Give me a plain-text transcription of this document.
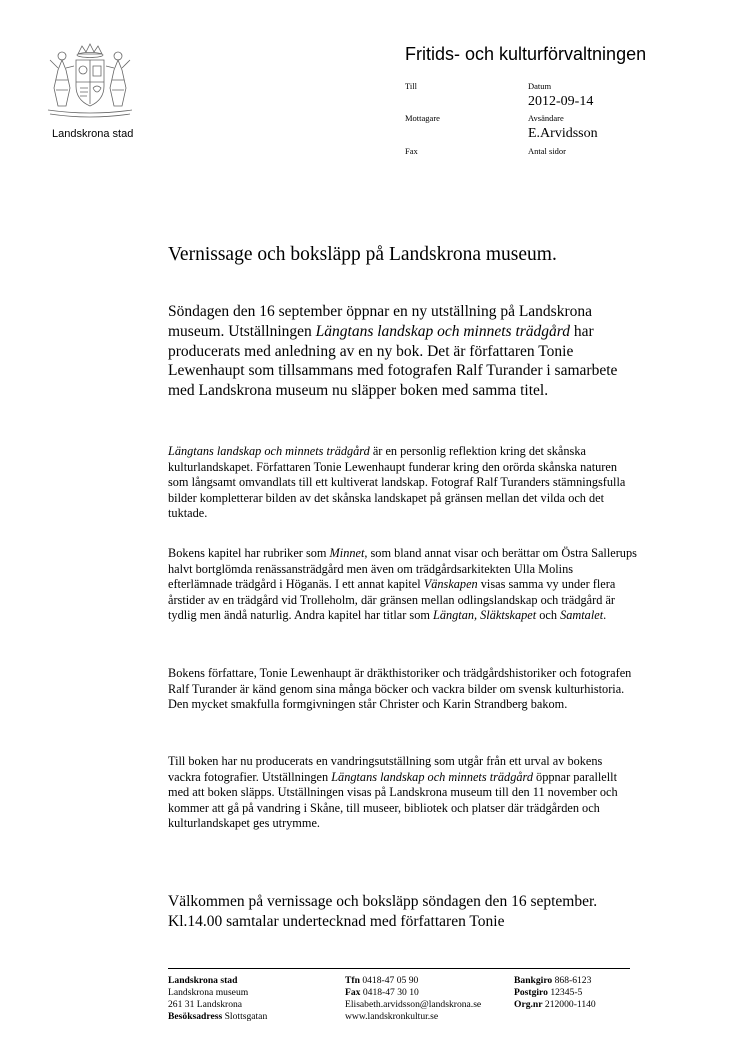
Landskrona stad
Fritids- och kulturförvaltningen
Till
Mottagare
Fax
Datum
2012-09-14
Avsändare
E.Arvidsson
Antal sidor
Vernissage och boksläpp på Landskrona museum.

Söndagen den 16 september öppnar en ny utställning på Landskrona museum. Utställningen Längtans landskap och minnets trädgård har producerats med anledning av en ny bok. Det är författaren Tonie Lewenhaupt som tillsammans med fotografen Ralf Turander i samarbete med Landskrona museum nu släpper boken med samma titel.

Längtans landskap och minnets trädgård är en personlig reflektion kring det skånska kulturlandskapet. Författaren Tonie Lewenhaupt funderar kring den orörda skånska naturen som långsamt omvandlats till ett kultiverat landskap. Fotograf Ralf Turanders stämningsfulla bilder kompletterar bilden av det skånska landskapet på gränsen mellan det vilda och det tuktade.

Bokens kapitel har rubriker som Minnet, som bland annat visar och berättar om Östra Sallerups halvt bortglömda renässansträdgård men även om trädgårdsarkitekten Ulla Molins efterlämnade trädgård i Höganäs. I ett annat kapitel Vänskapen visas samma vy under flera årstider av en trädgård vid Trolleholm, där gränsen mellan odlingslandskap och trädgård är tydlig men ändå naturlig. Andra kapitel har titlar som Längtan, Släktskapet och Samtalet.

Bokens författare, Tonie Lewenhaupt är dräkthistoriker och trädgårdshistoriker och fotografen Ralf Turander är känd genom sina många böcker och vackra bilder om svensk kulturhistoria. Den mycket smakfulla formgivningen står Christer och Karin Strandberg bakom.

Till boken har nu producerats en vandringsutställning som utgår från ett urval av bokens vackra fotografier. Utställningen Längtans landskap och minnets trädgård öppnar parallellt med att boken släpps. Utställningen visas på Landskrona museum till den 11 november och kommer att gå på vandring i Skåne, till museer, bibliotek och platser där trädgården och kulturlandskapet ges utrymme.

Välkommen på vernissage och boksläpp söndagen den 16 september. Kl.14.00 samtalar undertecknad med författaren Tonie

Landskrona stad
Landskrona museum
261 31 Landskrona
Besöksadress Slottsgatan
Tfn 0418-47 05 90
Fax 0418-47 30 10
Elisabeth.arvidsson@landskrona.se
www.landskronkultur.se
Bankgiro 868-6123
Postgiro 12345-5
Org.nr 212000-1140
